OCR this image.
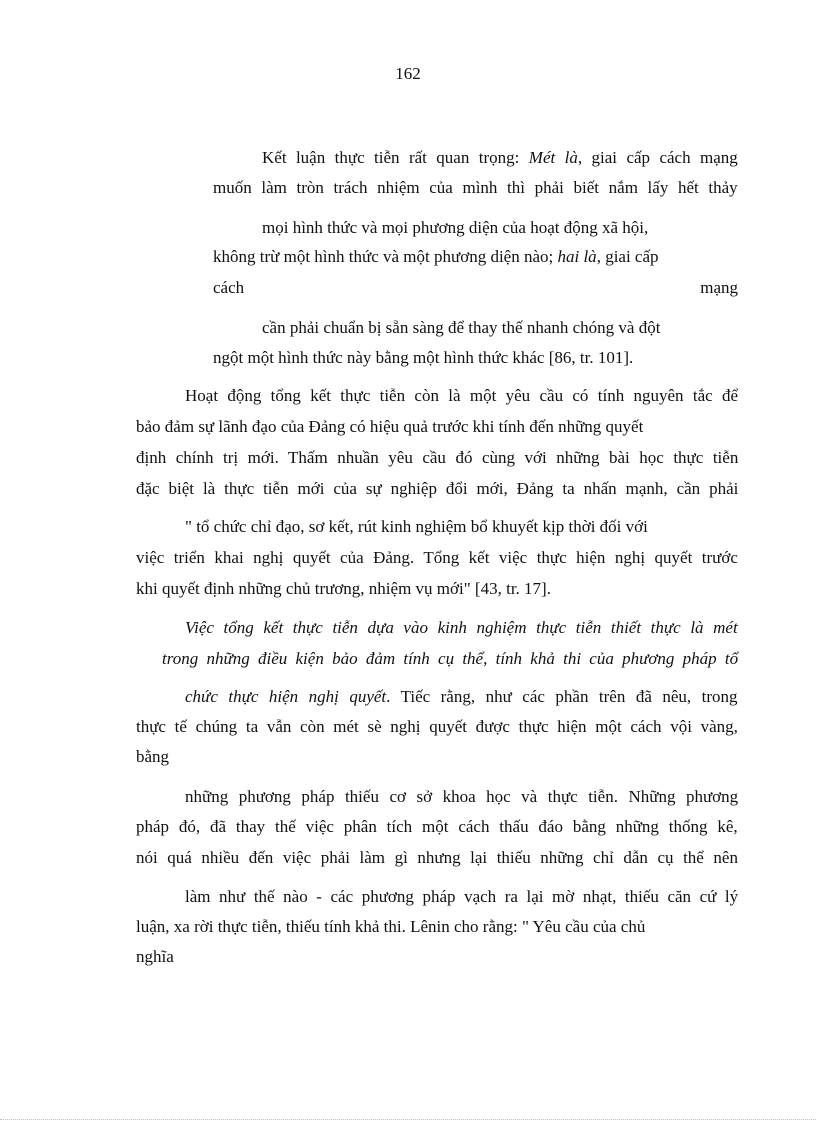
162
Kết luận thực tiễn rất quan trọng: Mét là, giai cấp cách mạng
muốn làm tròn trách nhiệm của mình thì phải biết nắm lấy hết thảy
mọi hình thức và mọi phương diện của hoạt động xã hội,
không trừ một hình thức và một phương diện nào; hai là, giai cấp
cách	mạng
cần phải chuẩn bị sẵn sàng để thay thế nhanh chóng và đột
ngột một hình thức này bằng một hình thức khác [86, tr. 101].
Hoạt động tổng kết thực tiễn còn là một yêu cầu có tính nguyên tắc để
bảo đảm sự lãnh đạo của Đảng có hiệu quả trước khi tính đến những quyết
định chính trị mới. Thấm nhuần yêu cầu đó cùng với những bài học thực tiễn
đặc biệt là thực tiễn mới của sự nghiệp đổi mới, Đảng ta nhấn mạnh, cần phải
" tổ chức chỉ đạo, sơ kết, rút kinh nghiệm bổ khuyết kịp thời đối với
việc triển khai nghị quyết của Đảng. Tổng kết việc thực hiện nghị quyết trước
khi quyết định những chủ trương, nhiệm vụ mới" [43, tr. 17].
Việc tổng kết thực tiễn dựa vào kinh nghiệm thực tiễn thiết thực là mét
trong những điều kiện bảo đảm tính cụ thể, tính khả thi của phương pháp tổ
chức thực hiện nghị quyết. Tiếc rằng, như các phần trên đã nêu, trong
thực tế chúng ta vẫn còn mét sè nghị quyết được thực hiện một cách vội vàng,
bằng
những phương pháp thiếu cơ sở khoa học và thực tiễn. Những phương
pháp đó, đã thay thế việc phân tích một cách thấu đáo bằng những thống kê,
nói quá nhiều đến việc phải làm gì nhưng lại thiếu những chỉ dẫn cụ thể nên
làm như thế nào - các phương pháp vạch ra lại mờ nhạt, thiếu căn cứ lý
luận, xa rời thực tiễn, thiếu tính khả thi. Lênin cho rằng: " Yêu cầu của chủ
nghĩa
